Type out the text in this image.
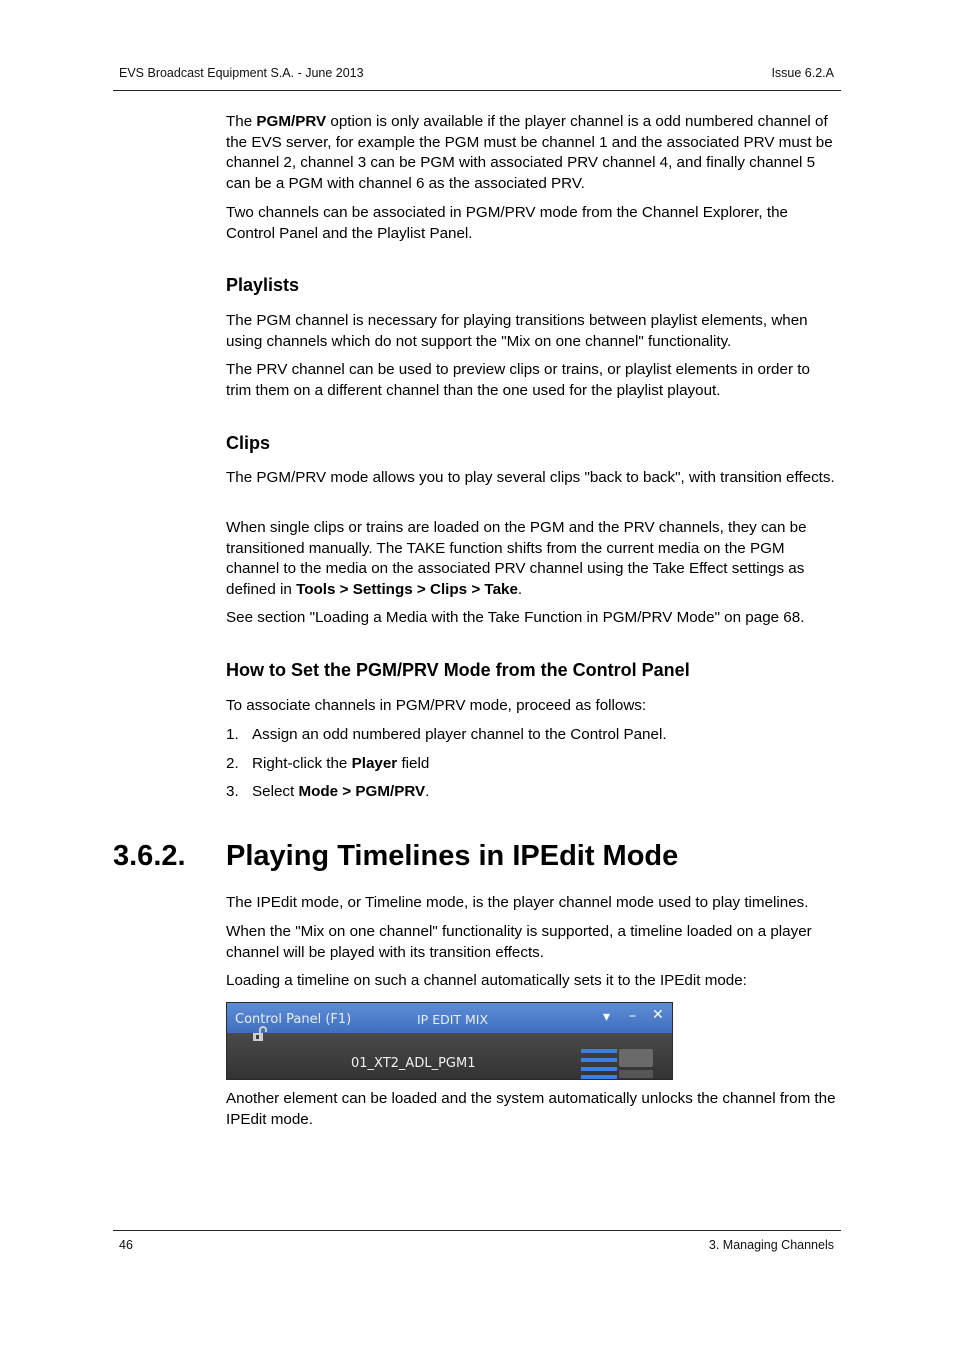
EVS Broadcast Equipment S.A. - June 2013	Issue 6.2.A

The PGM/PRV option is only available if the player channel is a odd numbered channel of the EVS server, for example the PGM must be channel 1 and the associated PRV must be channel 2, channel 3 can be PGM with associated PRV channel 4, and finally channel 5 can be a PGM with channel 6 as the associated PRV.

Two channels can be associated in PGM/PRV mode from the Channel Explorer, the Control Panel and the Playlist Panel.

Playlists

The PGM channel is necessary for playing transitions between playlist elements, when using channels which do not support the "Mix on one channel" functionality.

The PRV channel can be used to preview clips or trains, or playlist elements in order to trim them on a different channel than the one used for the playlist playout.

Clips

The PGM/PRV mode allows you to play several clips "back to back", with transition effects.

When single clips or trains are loaded on the PGM and the PRV channels, they can be transitioned manually. The TAKE function shifts from the current media on the PGM channel to the media on the associated PRV channel using the Take Effect settings as defined in Tools > Settings > Clips > Take.

See section "Loading a Media with the Take Function in PGM/PRV Mode" on page 68.

How to Set the PGM/PRV Mode from the Control Panel

To associate channels in PGM/PRV mode, proceed as follows:

1. Assign an odd numbered player channel to the Control Panel.
2. Right-click the Player field
3. Select Mode > PGM/PRV.
3.6.2. Playing Timelines in IPEdit Mode

The IPEdit mode, or Timeline mode, is the player channel mode used to play timelines.

When the "Mix on one channel" functionality is supported, a timeline loaded on a player channel will be played with its transition effects.

Loading a timeline on such a channel automatically sets it to the IPEdit mode:

Another element can be loaded and the system automatically unlocks the channel from the IPEdit mode.

Control Panel (F1)	IP EDIT MIX	▾ – ✕
01_XT2_ADL_PGM1
46	3. Managing Channels
